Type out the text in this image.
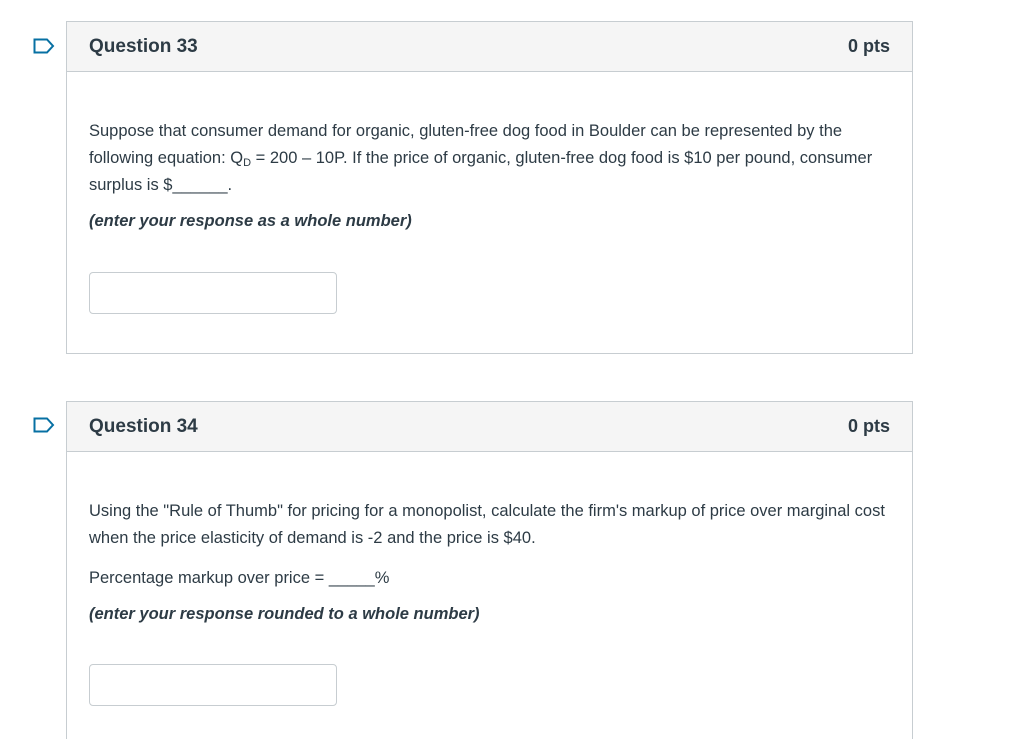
Question 33	0 pts

Suppose that consumer demand for organic, gluten-free dog food in Boulder can be represented by the following equation: $Q_D = 200 - 10P$. If the price of organic, gluten-free dog food is $10 per pound, consumer surplus is $______.

(enter your response as a whole number)

Question 34	0 pts

Using the "Rule of Thumb" for pricing for a monopolist, calculate the firm's markup of price over marginal cost when the price elasticity of demand is -2 and the price is $40.

Percentage markup over price = _____%

(enter your response rounded to a whole number)
